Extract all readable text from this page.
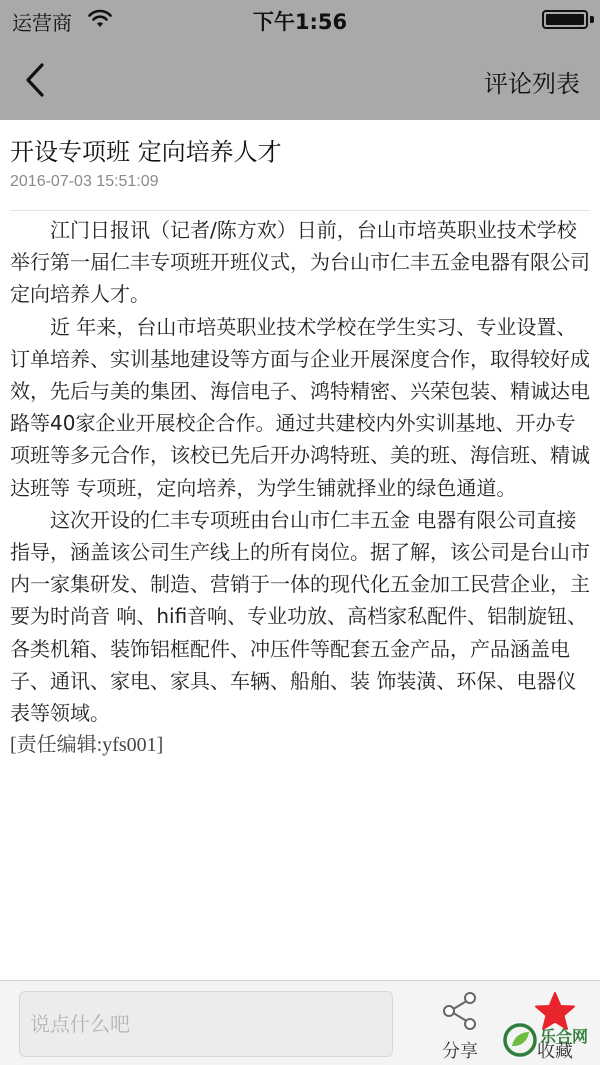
运营商	下午1:56
评论列表
开设专项班 定向培养人才
2016-07-03 15:51:09

江门日报讯（记者/陈方欢）日前，台山市培英职业技术学校举行第一届仁丰专项班开班仪式，为台山市仁丰五金电器有限公司定向培养人才。

近 年来，台山市培英职业技术学校在学生实习、专业设置、订单培养、实训基地建设等方面与企业开展深度合作，取得较好成效，先后与美的集团、海信电子、鸿特精密、兴荣包装、精诚达电路等40家企业开展校企合作。通过共建校内外实训基地、开办专项班等多元合作，该校已先后开办鸿特班、美的班、海信班、精诚达班等 专项班，定向培养，为学生铺就择业的绿色通道。

这次开设的仁丰专项班由台山市仁丰五金 电器有限公司直接指导，涵盖该公司生产线上的所有岗位。据了解，该公司是台山市内一家集研发、制造、营销于一体的现代化五金加工民营企业，主要为时尚音 响、hifi音响、专业功放、高档家私配件、铝制旋钮、各类机箱、装饰铝框配件、冲压件等配套五金产品，产品涵盖电子、通讯、家电、家具、车辆、船舶、装 饰装潢、环保、电器仪表等领域。

[责任编辑:yfs001]

说点什么吧
分享	收藏
乐合网
